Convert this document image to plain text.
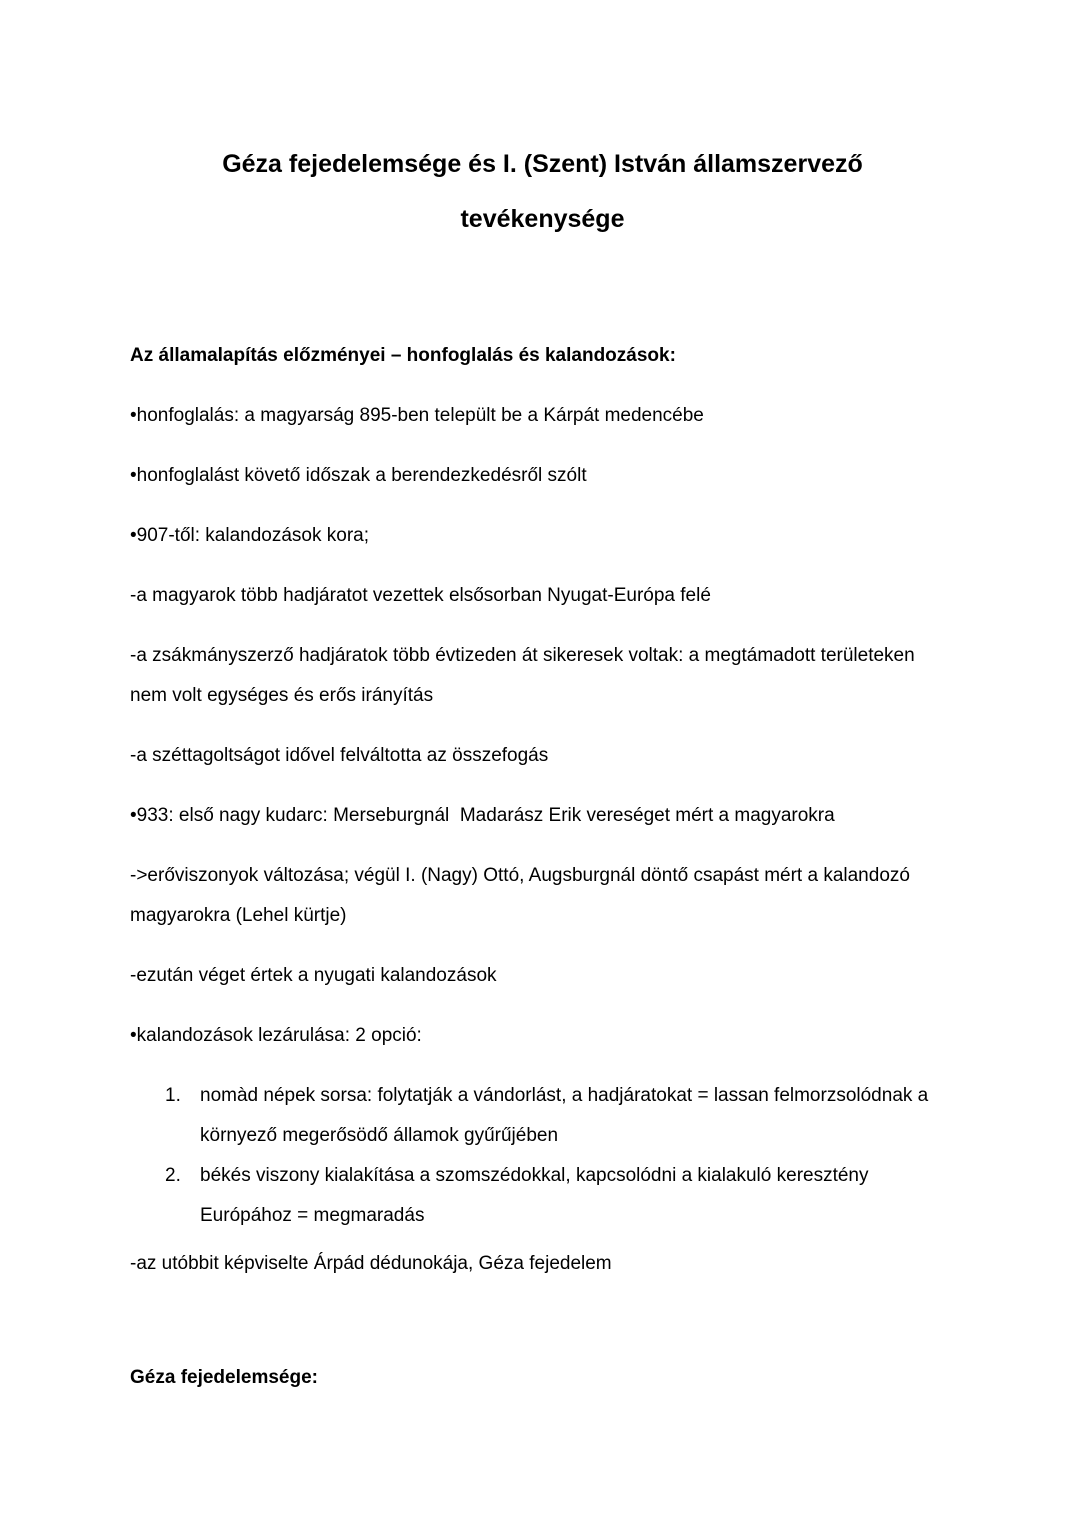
Géza fejedelemsége és I. (Szent) István államszervező
tevékenysége
Az államalapítás előzményei – honfoglalás és kalandozások:

•honfoglalás: a magyarság 895-ben települt be a Kárpát medencébe

•honfoglalást követő időszak a berendezkedésről szólt

•907-től: kalandozások kora;

-a magyarok több hadjáratot vezettek elsősorban Nyugat-Európa felé

-a zsákmányszerző hadjáratok több évtizeden át sikeresek voltak: a megtámadott területeken nem volt egységes és erős irányítás

-a széttagoltságot idővel felváltotta az összefogás

•933: első nagy kudarc: Merseburgnál  Madarász Erik vereséget mért a magyarokra

->erőviszonyok változása; végül I. (Nagy) Ottó, Augsburgnál döntő csapást mért a kalandozó magyarokra (Lehel kürtje)

-ezután véget értek a nyugati kalandozások

•kalandozások lezárulása: 2 opció:

1.	nomàd népek sorsa: folytatják a vándorlást, a hadjáratokat = lassan felmorzsolódnak a környező megerősödő államok gyűrűjében
2.	békés viszony kialakítása a szomszédokkal, kapcsolódni a kialakuló keresztény Európához = megmaradás

-az utóbbit képviselte Árpád dédunokája, Géza fejedelem

Géza fejedelemsége:
